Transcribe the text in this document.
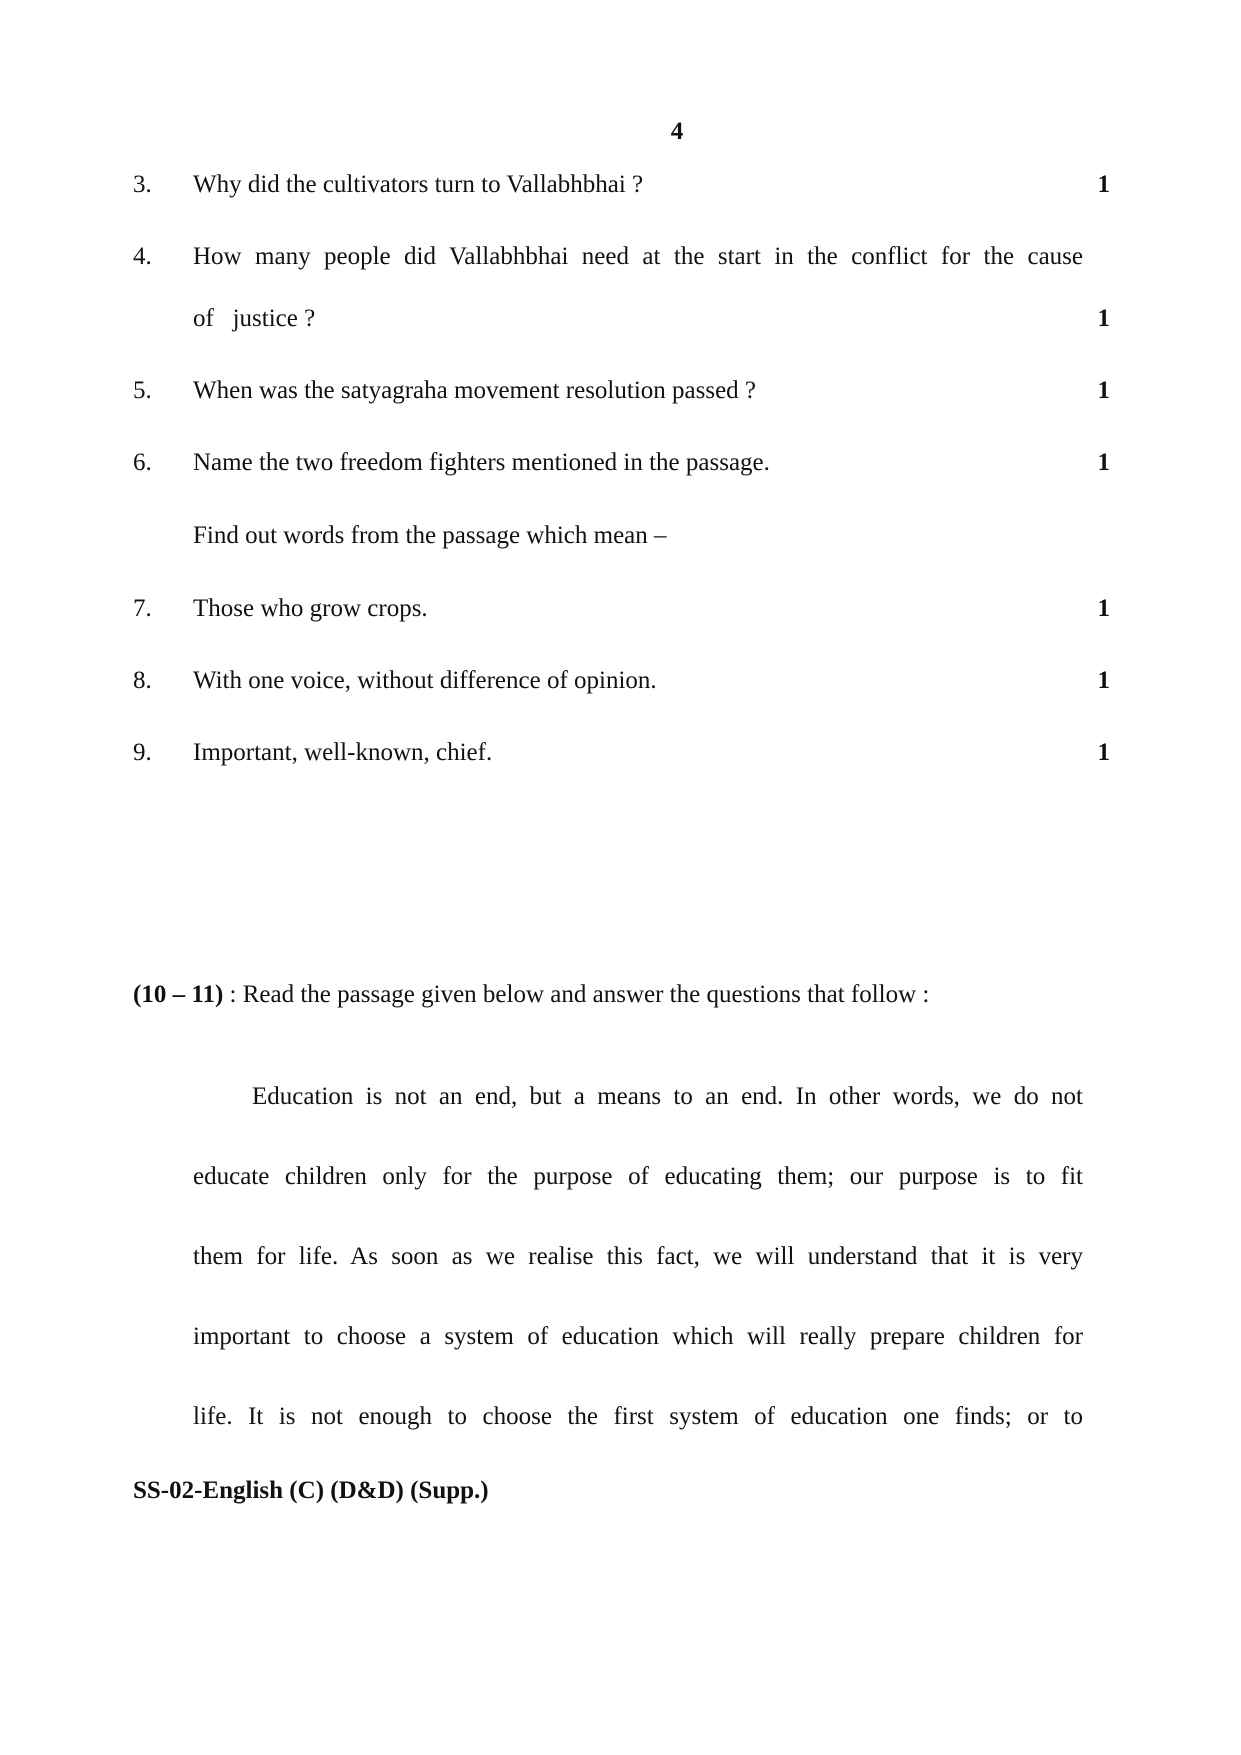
4
3. Why did the cultivators turn to Vallabhbhai ?	1
4. How many people did Vallabhbhai need at the start in the conflict for the cause
of   justice ?	1
5. When was the satyagraha movement resolution passed ?	1
6. Name the two freedom fighters mentioned in the passage.	1
Find out words from the passage which mean –
7. Those who grow crops.	1
8. With one voice, without difference of opinion.	1
9. Important, well-known, chief.	1
(10 – 11) : Read the passage given below and answer the questions that follow :
Education is not an end, but a means to an end. In other words, we do not
educate children only for the purpose of educating them; our purpose is to fit
them for life. As soon as we realise this fact, we will understand that it is very
important to choose a system of education which will really prepare children for
life. It is not enough to choose the first system of education one finds; or to
SS-02-English (C) (D&D) (Supp.)
